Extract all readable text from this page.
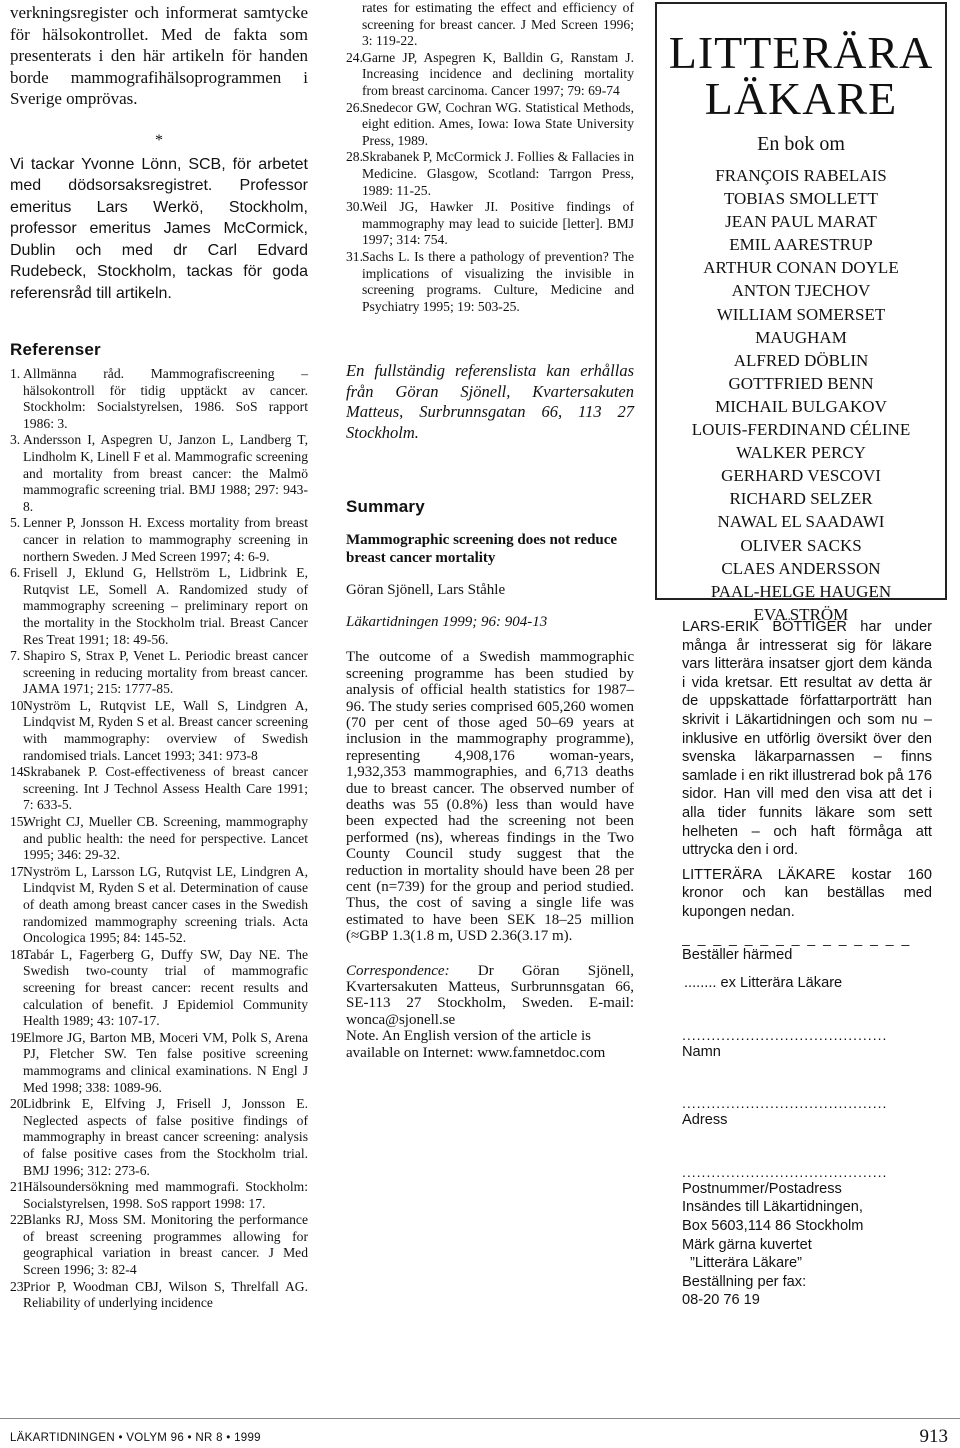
verkningsregister och informerat samtycke för hälsokontrollet. Med de fakta som presenterats i den här artikeln för handen borde mammografihälsoprogrammen i Sverige omprövas.

*

Vi tackar Yvonne Lönn, SCB, för arbetet med dödsorsaksregistret. Professor emeritus Lars Werkö, Stockholm, professor emeritus James McCormick, Dublin och med dr Carl Edvard Rudebeck, Stockholm, tackas för goda referensråd till artikeln.

Referenser
1. Allmänna råd. Mammografiscreening – hälsokontroll för tidig upptäckt av cancer. Stockholm: Socialstyrelsen, 1986. SoS rapport 1986: 3.
3. Andersson I, Aspegren U, Janzon L, Landberg T, Lindholm K, Linell F et al. Mammografic screening and mortality from breast cancer: the Malmö mammografic screening trial. BMJ 1988; 297: 943-8.
5. Lenner P, Jonsson H. Excess mortality from breast cancer in relation to mammography screening in northern Sweden. J Med Screen 1997; 4: 6-9.
6. Frisell J, Eklund G, Hellström L, Lidbrink E, Rutqvist LE, Somell A. Randomized study of mammography screening – preliminary report on the mortality in the Stockholm trial. Breast Cancer Res Treat 1991; 18: 49-56.
7. Shapiro S, Strax P, Venet L. Periodic breast cancer screening in reducing mortality from breast cancer. JAMA 1971; 215: 1777-85.
10.
Nyström L, Rutqvist LE, Wall S, Lindgren A, Lindqvist M, Ryden S et al. Breast cancer screening with mammography: overview of Swedish randomised trials. Lancet 1993; 341: 973-8
14.
Skrabanek P. Cost-effectiveness of breast cancer screening. Int J Technol Assess Health Care 1991; 7: 633-5.
15.
Wright CJ, Mueller CB. Screening, mammography and public health: the need for perspective. Lancet 1995; 346: 29-32.
17.
Nyström L, Larsson LG, Rutqvist LE, Lindgren A, Lindqvist M, Ryden S et al. Determination of cause of death among breast cancer cases in the Swedish randomized mammography screening trials. Acta Oncologica 1995; 84: 145-52.
18.
Tabár L, Fagerberg G, Duffy SW, Day NE. The Swedish two-county trial of mammografic screening for breast cancer: recent results and calculation of benefit. J Epidemiol Community Health 1989; 43: 107-17.
19.
Elmore JG, Barton MB, Moceri VM, Polk S, Arena PJ, Fletcher SW. Ten false positive screening mammograms and clinical examinations. N Engl J Med 1998; 338: 1089-96.
20.
Lidbrink E, Elfving J, Frisell J, Jonsson E. Neglected aspects of false positive findings of mammography in breast cancer screening: analysis of false positive cases from the Stockholm trial. BMJ 1996; 312: 273-6.
21.
Hälsoundersökning med mammografi. Stockholm: Socialstyrelsen, 1998. SoS rapport 1998: 17.
22.
Blanks RJ, Moss SM. Monitoring the performance of breast screening programmes allowing for geographical variation in breast cancer. J Med Screen 1996; 3: 82-4
23.
Prior P, Woodman CBJ, Wilson S, Threlfall AG. Reliability of underlying incidence
rates for estimating the effect and efficiency of screening for breast cancer. J Med Screen 1996; 3: 119-22.
24. Garne JP, Aspegren K, Balldin G, Ranstam J. Increasing incidence and declining mortality from breast carcinoma. Cancer 1997; 79: 69-74
26. Snedecor GW, Cochran WG. Statistical Methods, eight edition. Ames, Iowa: Iowa State University Press, 1989.
28. Skrabanek P, McCormick J. Follies & Fallacies in Medicine. Glasgow, Scotland: Tarrgon Press, 1989: 11-25.
30. Weil JG, Hawker JI. Positive findings of mammography may lead to suicide [letter]. BMJ 1997; 314: 754.
31. Sachs L. Is there a pathology of prevention? The implications of visualizing the invisible in screening programs. Culture, Medicine and Psychiatry 1995; 19: 503-25.

En fullständig referenslista kan erhållas från Göran Sjönell, Kvartersakuten Matteus, Surbrunnsgatan 66, 113 27 Stockholm.

Summary

Mammographic screening does not reduce breast cancer mortality

Göran Sjönell, Lars Ståhle

Läkartidningen 1999; 96: 904-13

The outcome of a Swedish mammographic screening programme has been studied by analysis of official health statistics for 1987–96. The study series comprised 605,260 women (70 per cent of those aged 50–69 years at inclusion in the mammography programme), representing 4,908,176 woman-years, 1,932,353 mammographies, and 6,713 deaths due to breast cancer. The observed number of deaths was 55 (0.8%) less than would have been expected had the screening not been performed (ns), whereas findings in the Two County Council study suggest that the reduction in mortality should have been 28 per cent (n=739) for the group and period studied. Thus, the cost of saving a single life was estimated to have been SEK 18–25 million (≈GBP 1.3(1.8 m, USD 2.36(3.17 m).

Correspondence: Dr Göran Sjönell, Kvartersakuten Matteus, Surbrunnsgatan 66, SE-113 27 Stockholm, Sweden. E-mail: wonca@sjonell.se

Note. An English version of the article is available on Internet: www.famnetdoc.com

LITTERÄRA
LÄKARE
En bok om
FRANÇOIS RABELAIS
TOBIAS SMOLLETT
JEAN PAUL MARAT
EMIL AARESTRUP
ARTHUR CONAN DOYLE
ANTON TJECHOV
WILLIAM SOMERSET
MAUGHAM
ALFRED DÖBLIN
GOTTFRIED BENN
MICHAIL BULGAKOV
LOUIS-FERDINAND CÉLINE
WALKER PERCY
GERHARD VESCOVI
RICHARD SELZER
NAWAL EL SAADAWI
OLIVER SACKS
CLAES ANDERSSON
PAAL-HELGE HAUGEN
EVA STRÖM

LARS-ERIK BÖTTIGER har under många år intresserat sig för läkare vars litterära insatser gjort dem kända i vida kretsar. Ett resultat av detta är de uppskattade författarporträtt han skrivit i Läkartidningen och som nu – inklusive en utförlig översikt över den svenska läkarparnassen – finns samlade i en rikt illustrerad bok på 176 sidor. Han vill med den visa att det i alla tider funnits läkare som sett helheten – och haft förmåga att uttrycka den i ord.

LITTERÄRA LÄKARE kostar 160 kronor och kan beställas med kupongen nedan.

_ _ _ _ _ _ _ _ _ _ _ _ _ _ _

Beställer härmed

........ ex Litterära Läkare

..........................................

Namn

..........................................

Adress

..........................................

Postnummer/Postadress

Insändes till Läkartidningen,

Box 5603,114 86 Stockholm

Märk gärna kuvertet

”Litterära Läkare”

Beställning per fax:

08-20 76 19

LÄKARTIDNINGEN • VOLYM 96 • NR 8 • 1999	913
